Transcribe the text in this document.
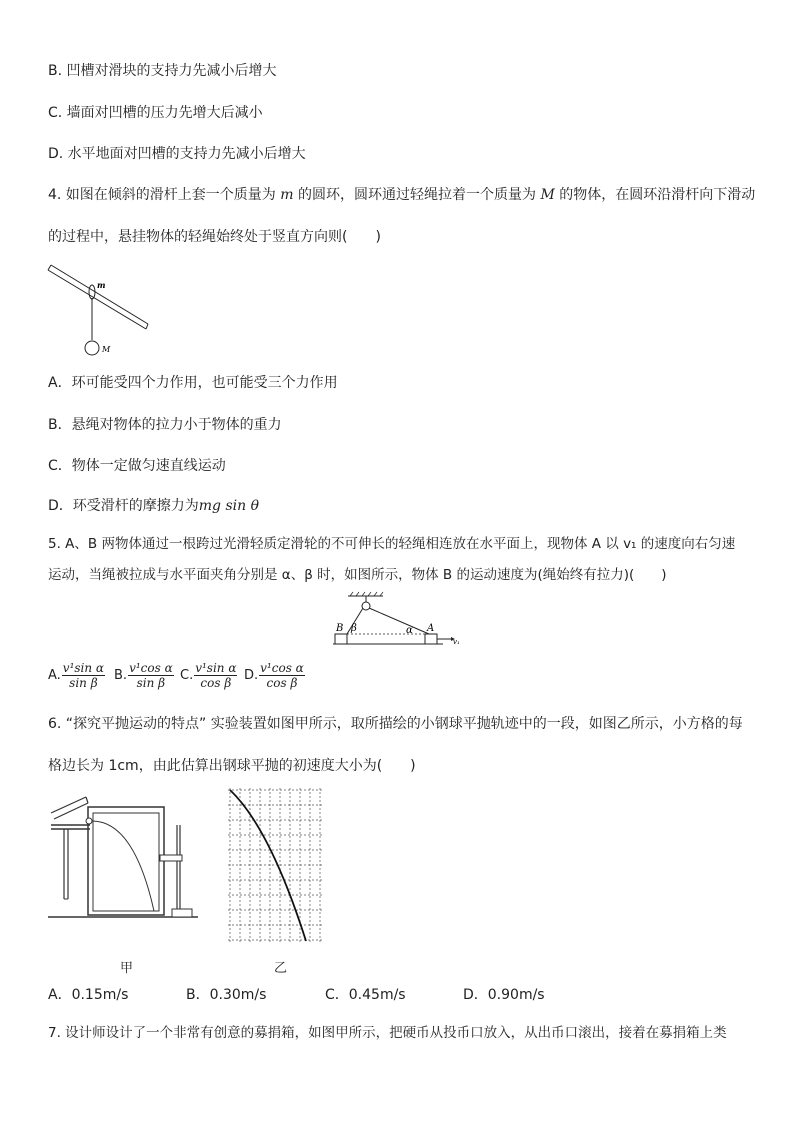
B. 凹槽对滑块的支持力先减小后增大
C. 墙面对凹槽的压力先增大后减小
D. 水平地面对凹槽的支持力先减小后增大
4. 如图在倾斜的滑杆上套一个质量为 m 的圆环，圆环通过轻绳拉着一个质量为 M 的物体，在圆环沿滑杆向下滑动
的过程中，悬挂物体的轻绳始终处于竖直方向则(　　)
m
M
A．环可能受四个力作用，也可能受三个力作用
B．悬绳对物体的拉力小于物体的重力
C．物体一定做匀速直线运动
D．环受滑杆的摩擦力为mg sin θ
5. A、B 两物体通过一根跨过光滑轻质定滑轮的不可伸长的轻绳相连放在水平面上，现物体 A 以 v₁ 的速度向右匀速
运动，当绳被拉成与水平面夹角分别是 α、β 时，如图所示，物体 B 的运动速度为(绳始终有拉力)(　　)
B β	α A
v₁
A. $\frac{\text{v¹sin α}}{\text{sin β}} B$. $\frac{\text{v¹cos α}}{\text{sin β}} C$. $\frac{\text{v¹sin α}}{\text{cos β}} D$. $\frac{\text{v¹cos α}}{\text{cos β}}$
6. “探究平抛运动的特点” 实验装置如图甲所示，取所描绘的小钢球平抛轨迹中的一段，如图乙所示，小方格的每
格边长为 1cm，由此估算出钢球平抛的初速度大小为(　　)
甲	乙
A．0.15m/s	B．0.30m/s	C．0.45m/s	D．0.90m/s
7. 设计师设计了一个非常有创意的募捐箱，如图甲所示，把硬币从投币口放入，从出币口滚出，接着在募捐箱上类
